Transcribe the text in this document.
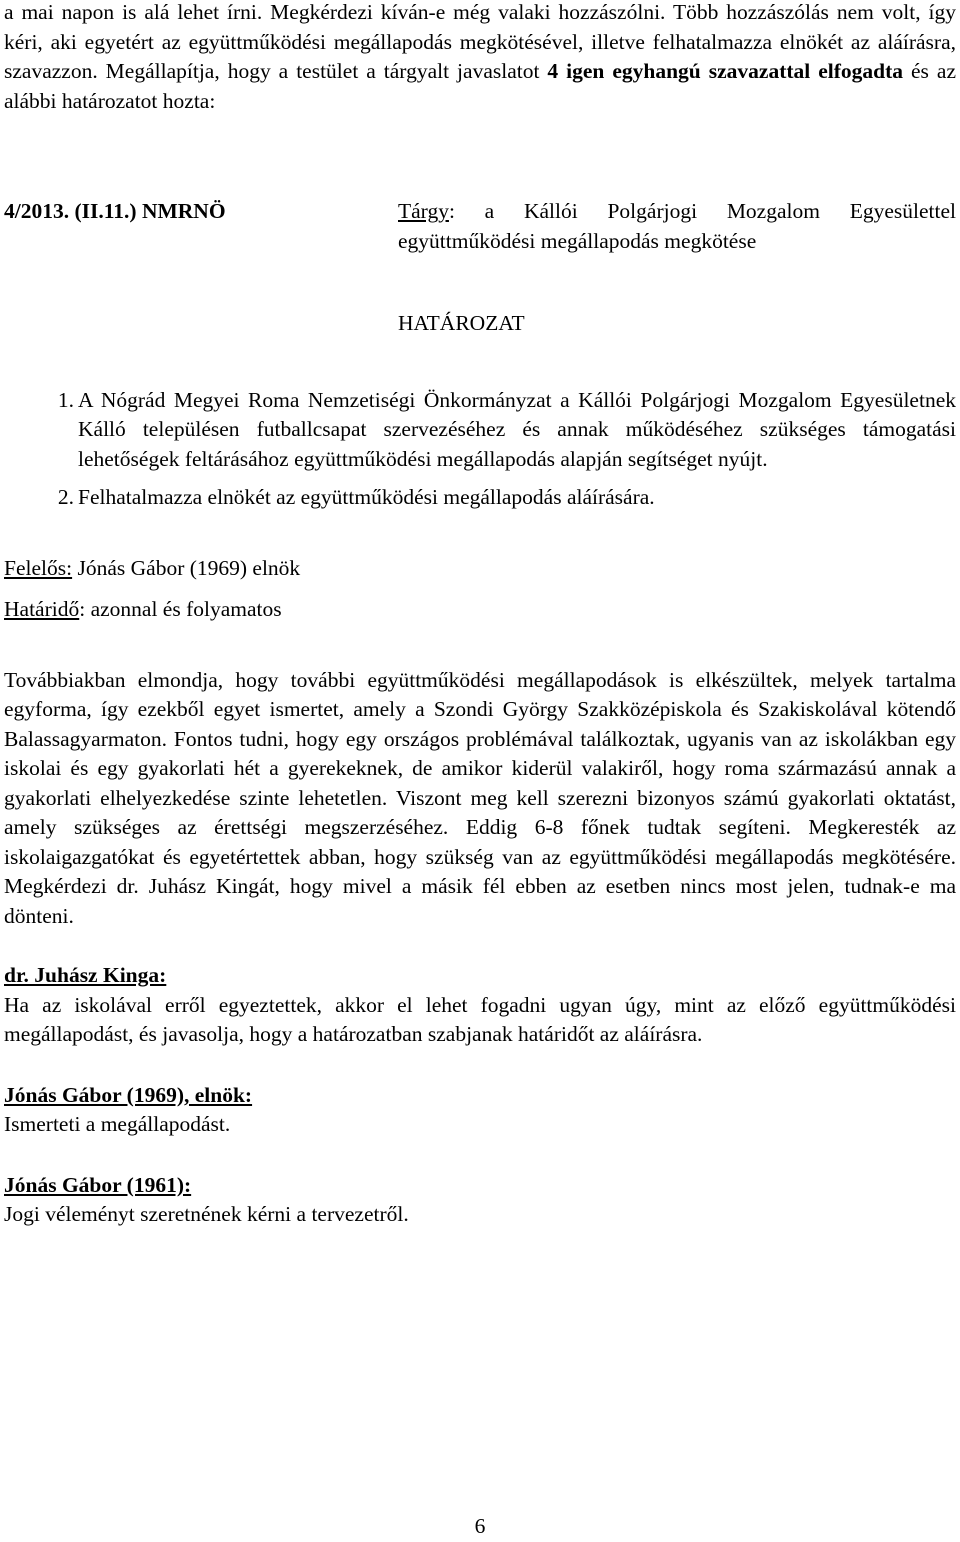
a mai napon is alá lehet írni. Megkérdezi kíván-e még valaki hozzászólni. Több hozzászólás nem volt, így kéri, aki egyetért az együttműködési megállapodás megkötésével, illetve felhatalmazza elnökét az aláírásra, szavazzon. Megállapítja, hogy a testület a tárgyalt javaslatot 4 igen egyhangú szavazattal elfogadta és az alábbi határozatot hozta:

4/2013. (II.11.) NMRNÖ	Tárgy: a Kállói Polgárjogi Mozgalom Egyesülettel együttműködési megállapodás megkötése
HATÁROZAT
1. A Nógrád Megyei Roma Nemzetiségi Önkormányzat a Kállói Polgárjogi Mozgalom Egyesületnek Kálló településen futballcsapat szervezéséhez és annak működéséhez szükséges támogatási lehetőségek feltárásához együttműködési megállapodás alapján segítséget nyújt.

2. Felhatalmazza elnökét az együttműködési megállapodás aláírására.

Felelős: Jónás Gábor (1969) elnök

Határidő: azonnal és folyamatos

Továbbiakban elmondja, hogy további együttműködési megállapodások is elkészültek, melyek tartalma egyforma, így ezekből egyet ismertet, amely a Szondi György Szakközépiskola és Szakiskolával kötendő Balassagyarmaton. Fontos tudni, hogy egy országos problémával találkoztak, ugyanis van az iskolákban egy iskolai és egy gyakorlati hét a gyerekeknek, de amikor kiderül valakiről, hogy roma származású annak a gyakorlati elhelyezkedése szinte lehetetlen. Viszont meg kell szerezni bizonyos számú gyakorlati oktatást, amely szükséges az érettségi megszerzéséhez. Eddig 6-8 főnek tudtak segíteni. Megkeresték az iskolaigazgatókat és egyetértettek abban, hogy szükség van az együttműködési megállapodás megkötésére. Megkérdezi dr. Juhász Kingát, hogy mivel a másik fél ebben az esetben nincs most jelen, tudnak-e ma dönteni.

dr. Juhász Kinga:

Ha az iskolával erről egyeztettek, akkor el lehet fogadni ugyan úgy, mint az előző együttműködési megállapodást, és javasolja, hogy a határozatban szabjanak határidőt az aláírásra.

Jónás Gábor (1969), elnök:

Ismerteti a megállapodást.

Jónás Gábor (1961):

Jogi véleményt szeretnének kérni a tervezetről.

6
